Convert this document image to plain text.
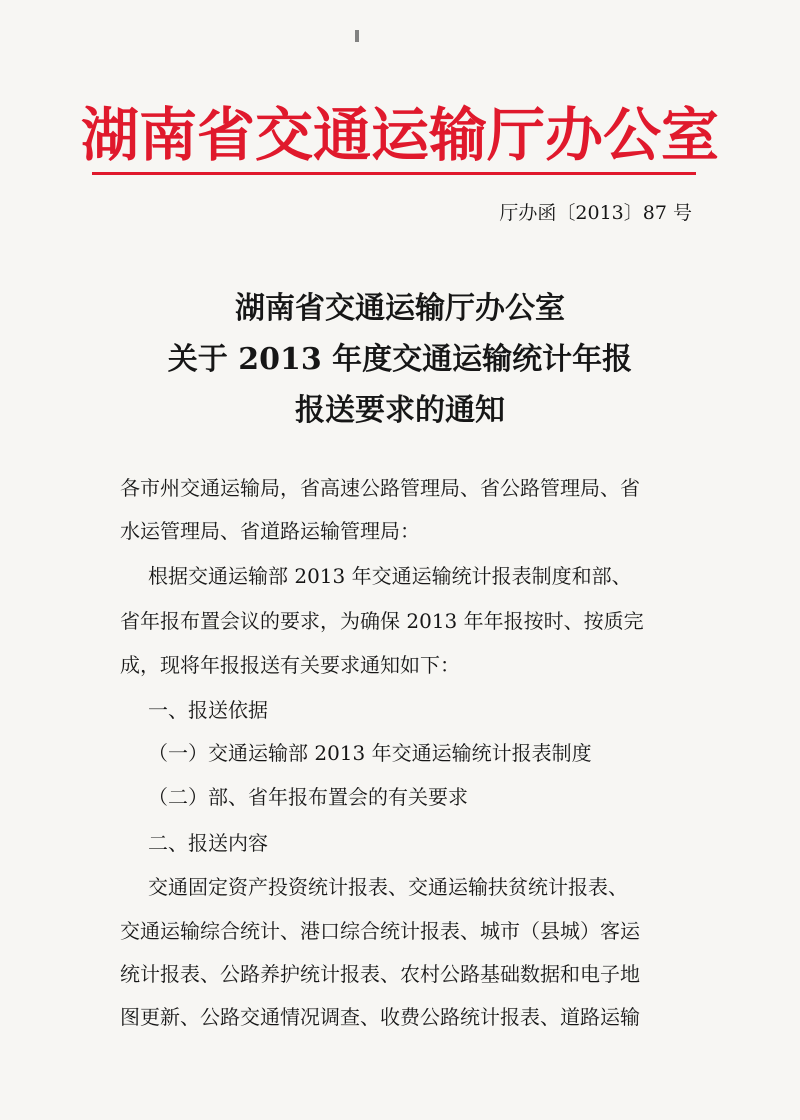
湖南省交通运输厅办公室
厅办函〔2013〕87 号
湖南省交通运输厅办公室
关于 2013 年度交通运输统计年报
报送要求的通知
各市州交通运输局，省高速公路管理局、省公路管理局、省
水运管理局、省道路运输管理局：
根据交通运输部 2013 年交通运输统计报表制度和部、
省年报布置会议的要求，为确保 2013 年年报按时、按质完
成，现将年报报送有关要求通知如下：
一、报送依据
（一）交通运输部 2013 年交通运输统计报表制度
（二）部、省年报布置会的有关要求
二、报送内容
交通固定资产投资统计报表、交通运输扶贫统计报表、
交通运输综合统计、港口综合统计报表、城市（县城）客运
统计报表、公路养护统计报表、农村公路基础数据和电子地
图更新、公路交通情况调查、收费公路统计报表、道路运输
